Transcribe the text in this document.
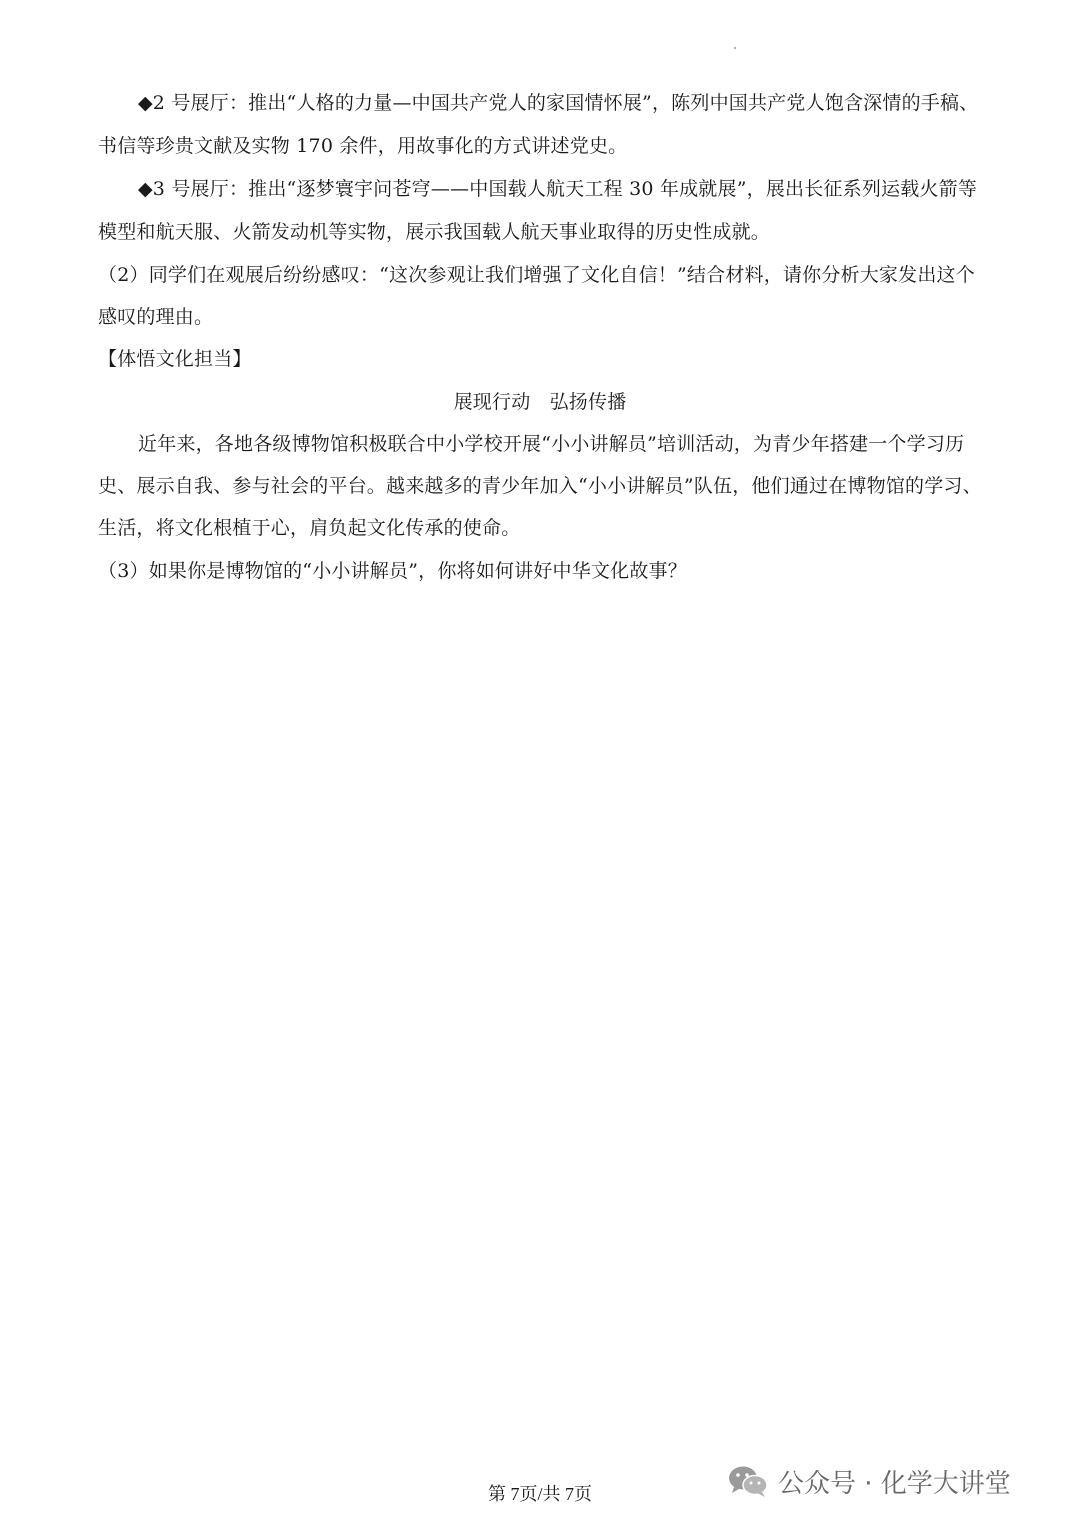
◆2 号展厅：推出“人格的力量—中国共产党人的家国情怀展”，陈列中国共产党人饱含深情的手稿、
书信等珍贵文献及实物 170 余件，用故事化的方式讲述党史。
◆3 号展厅：推出“逐梦寰宇问苍穹——中国载人航天工程 30 年成就展”，展出长征系列运载火箭等
模型和航天服、火箭发动机等实物，展示我国载人航天事业取得的历史性成就。
（2）同学们在观展后纷纷感叹：“这次参观让我们增强了文化自信！”结合材料，请你分析大家发出这个
感叹的理由。
【体悟文化担当】
展现行动　弘扬传播
近年来，各地各级博物馆积极联合中小学校开展“小小讲解员”培训活动，为青少年搭建一个学习历
史、展示自我、参与社会的平台。越来越多的青少年加入“小小讲解员”队伍，他们通过在博物馆的学习、
生活，将文化根植于心，肩负起文化传承的使命。
（3）如果你是博物馆的“小小讲解员”，你将如何讲好中华文化故事？
第 7页/共 7页	公众号 · 化学大讲堂
